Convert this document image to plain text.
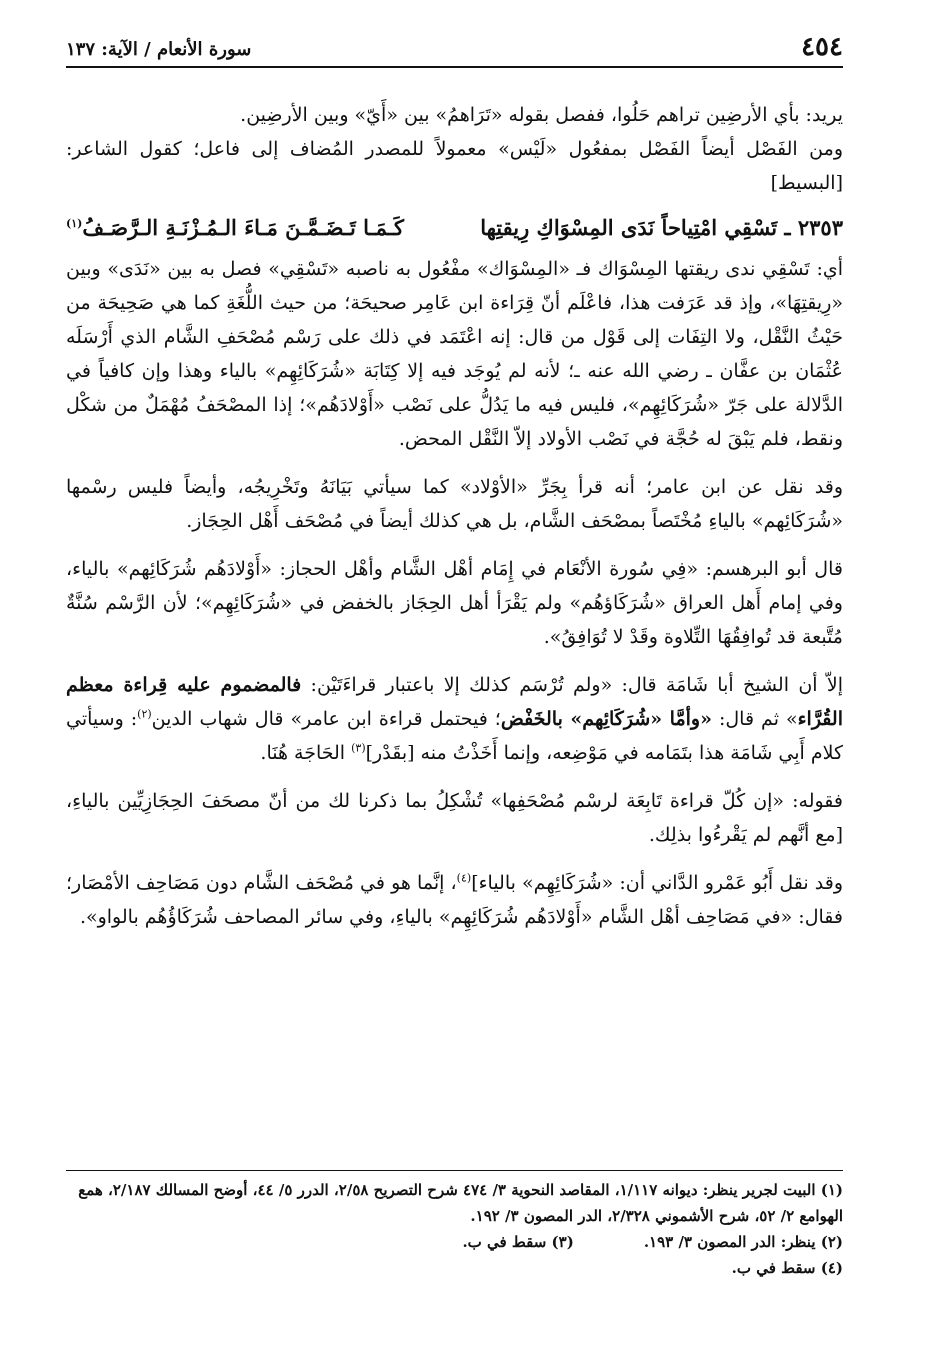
٤٥٤
سورة الأنعام / الآية: ١٣٧

يريد: بأي الأرضِين تراهم حَلُوا، ففصل بقوله «تَرَاهمُ» بين «أَيّ» وبين الأرضِين.

ومن الفَصْل أيضاً الفَصْل بمفعُول «لَيْس» معمولاً للمصدر المُضاف إلى فاعل؛ كقول الشاعر: [البسيط]

٢٣٥٣ ـ تَسْقِي امْتِياحاً نَدَى المِسْوَاكِ رِيقتِها
كَـمَـا تَـضَـمَّـنَ مَـاءَ الـمُـزْنَـةِ الـرَّصَـفُ$^{(١)}$

أي: تَسْقِي ندى ريقتها المِسْوَاك فـ «المِسْوَاك» مفْعُول به ناصبه «تَسْقِي» فصل به بين «نَدَى» وبين «رِيقتِهَا»، وإذ قد عَرَفت هذا، فاعْلَم أنّ قِرَاءة ابن عَامِر صحيحَة؛ من حيث اللُّغَةِ كما هي صَحِيحَة من حَيْثُ النَّقْل، ولا التِفَات إلى قَوْل من قال: إنه اعْتَمَد في ذلك على رَسْم مُصْحَفِ الشَّام الذي أَرْسَلَه عُثْمَان بن عفَّان ـ رضي الله عنه ـ؛ لأنه لم يُوجَد فيه إلا كِتَابَة «شُرَكَائِهِم» بالياء وهذا وإن كافياً في الدَّلالة على جَرّ «شُرَكَائِهِم»، فليس فيه ما يَدُلُّ على نَصْب «أَوْلادَهُم»؛ إذا المصْحَفُ مُهْمَلٌ من شكْل ونقط، فلم يَبْقَ له حُجَّة في نَصْب الأولاد إلاّ النَّقْل المحض.

وقد نقل عن ابن عامر؛ أنه قرأ بِجَرِّ «الأوْلاد» كما سيأتي بَيَانَهُ وتَخْرِيجُه، وأيضاً فليس رسْمها «شُرَكَائِهم» بالياءِ مُخْتَصاً بمصْحَف الشَّام، بل هي كذلك أيضاً في مُصْحَف أَهْل الحِجَاز.

قال أبو البرهسم: «فِي سُورة الأنْعَام في إِمَام أهْل الشَّام وأهْل الحجاز: «أَوْلادَهُم شُرَكَائِهم» بالياء، وفي إمام أَهل العراق «شُرَكَاؤهُم» ولم يَقْرَأ أهل الحِجَاز بالخفض في «شُرَكَائِهِم»؛ لأن الرَّسْم سُنَّةٌ مُتَّبعة قد تُوافِقُهَا التِّلاوة وقَدْ لا تُوَافِقُ».

إلاّ أن الشيخ أبا شَامَة قال: «ولم تُرْسَم كذلك إلا باعتبار قراءَتَيْن: فالمضموم عليه قِراءة معظم القُرَّاء» ثم قال: «وأمَّا «شُرَكَائِهم» بالخَفْض؛ فيحتمل قراءة ابن عامر» قال شهاب الدين$^{(٢)}$: وسيأتي كلام أَبِي شَامَة هذا بتَمَامه في مَوْضِعه، وإنما أَخَذْتُ منه [بقَدْر]$^{(٣)}$ الحَاجَة هُنَا.

فقوله: «إن كُلّ قراءة تَابِعَة لرسْم مُصْحَفِها» تُشْكِلُ بما ذكرنا لك من أنّ مصحَفَ الحِجَازِيِّين بالياءِ، [مع أنَّهم لم يَقْرءُوا بذلِك.

وقد نقل أَبُو عَمْرو الدَّاني أن: «شُرَكَائِهِم» بالياء]$^{(٤)}$، إنَّما هو في مُصْحَف الشَّام دون مَصَاحِف الأمْصَار؛ فقال: «في مَصَاحِف أهْل الشَّام «أَوْلادَهُم شُرَكَائِهِم» بالياءِ، وفي سائر المصاحف شُرَكَاؤُهُم بالواو».

(١) البيت لجرير ينظر: ديوانه ١/١١٧، المقاصد النحوية ٣/ ٤٧٤ شرح التصريح ٢/٥٨، الدرر ٥/ ٤٤، أوضح المسالك ٢/١٨٧، همع الهوامع ٢/ ٥٢، شرح الأشموني ٢/٣٢٨، الدر المصون ٣/ ١٩٢.

(٢) ينظر: الدر المصون ٣/ ١٩٣.
(٣) سقط في ب.

(٤) سقط في ب.
